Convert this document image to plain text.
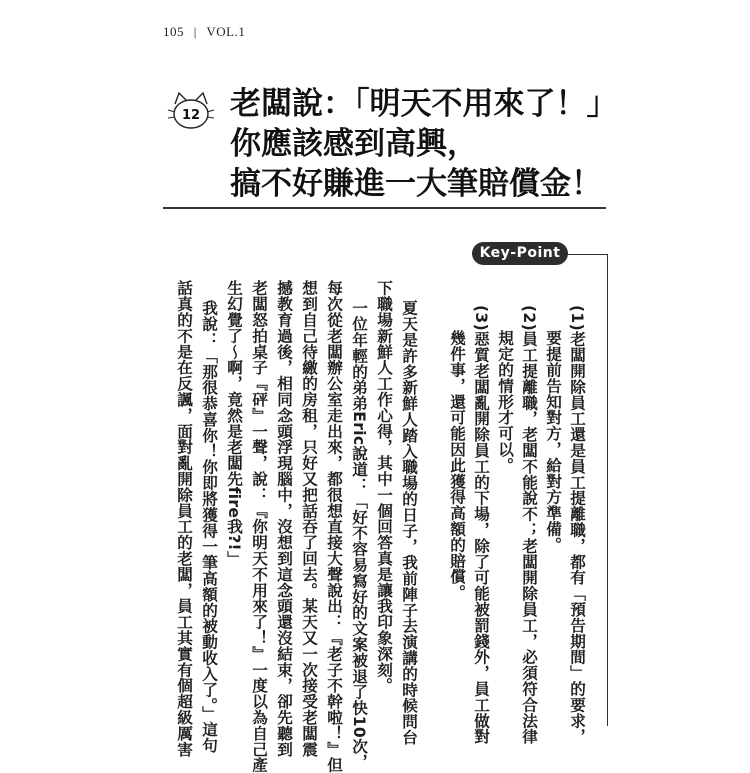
105 | VOL.1
12 老闆說：「明天不用來了！」
你應該感到高興，
搞不好賺進一大筆賠償金！
Key-Point
(1)老闆開除員工還是員工提離職，都有「預告期間」的要求，
要提前告知對方，給對方準備。
(2)員工提離職，老闆不能說不；老闆開除員工，必須符合法律
規定的情形才可以。
(3)惡質老闆亂開除員工的下場，除了可能被罰錢外，員工做對
幾件事，還可能因此獲得高額的賠償。
夏天是許多新鮮人踏入職場的日子，我前陣子去演講的時候問台
下職場新鮮人工作心得，其中一個回答真是讓我印象深刻。
一位年輕的弟弟Eric說道：「好不容易寫好的文案被退了快10次，
每次從老闆辦公室走出來，都很想直接大聲說出：『老子不幹啦！』但
想到自己待繳的房租，只好又把話吞了回去。某天又一次接受老闆震
撼教育過後，相同念頭浮現腦中，沒想到這念頭還沒結束，卻先聽到
老闆怒拍桌子『砰』一聲，說：『你明天不用來了！』一度以為自己產
生幻覺了～啊，竟然是老闆先fire我?!」
我說：「那很恭喜你！你即將獲得一筆高額的被動收入了。」這句
話真的不是在反諷，面對亂開除員工的老闆，員工其實有個超級厲害
